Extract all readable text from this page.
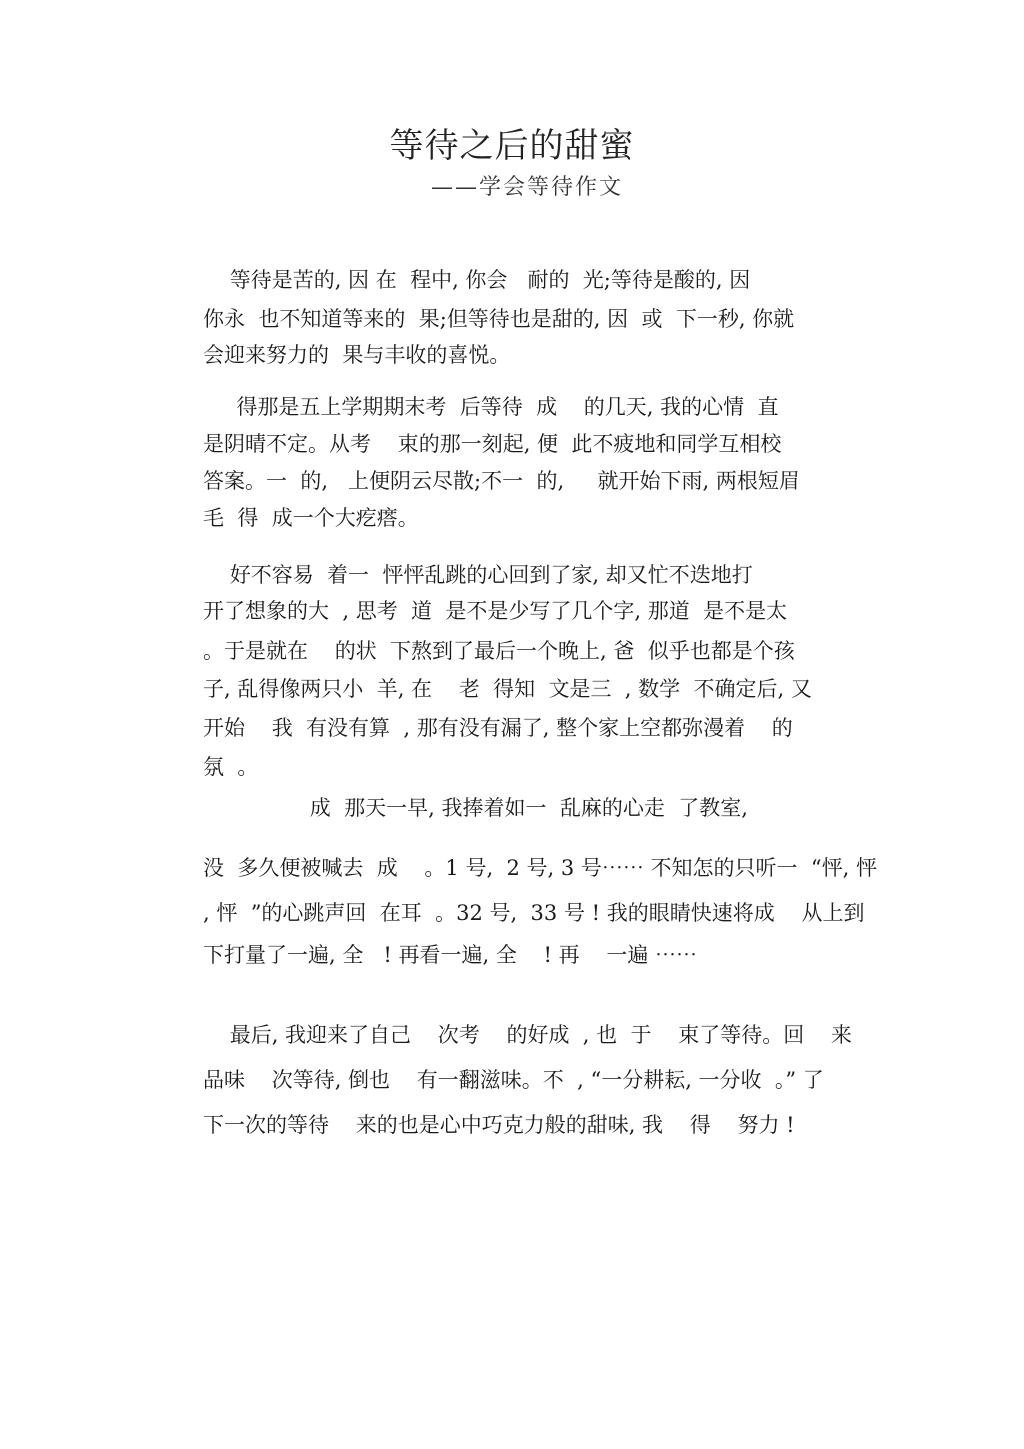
等待之后的甜蜜
——学会等待作文
等待是苦的, 因 在  程中, 你会   耐的  光;等待是酸的, 因
你永  也不知道等来的  果;但等待也是甜的, 因  或  下一秒, 你就
会迎来努力的  果与丰收的喜悦。
得那是五上学期期末考  后等待  成    的几天, 我的心情  直
是阴晴不定。从考    束的那一刻起, 便  此不疲地和同学互相校
答案。一  的,   上便阴云尽散;不一  的,     就开始下雨, 两根短眉
毛  得  成一个大疙瘩。
好不容易  着一  怦怦乱跳的心回到了家, 却又忙不迭地打
开了想象的大  , 思考  道  是不是少写了几个字, 那道  是不是太
。于是就在    的状  下熬到了最后一个晚上, 爸  似乎也都是个孩
子, 乱得像两只小  羊, 在    老  得知  文是三  , 数学  不确定后, 又
开始    我  有没有算  , 那有没有漏了, 整个家上空都弥漫着    的
氛  。
成  那天一早, 我捧着如一  乱麻的心走  了教室,
没  多久便被喊去  成    。1 号,  2 号, 3 号⋯⋯ 不知怎的只听一  “怦, 怦
, 怦  ”的心跳声回  在耳  。32 号,  33 号 ! 我的眼睛快速将成    从上到
下打量了一遍, 全   ! 再看一遍, 全    ! 再    一遍 ⋯⋯
最后, 我迎来了自己    次考    的好成  , 也  于    束了等待。回    来
品味    次等待, 倒也    有一翻滋味。不  , “一分耕耘, 一分收  。” 了
下一次的等待    来的也是心中巧克力般的甜味, 我    得    努力 !
